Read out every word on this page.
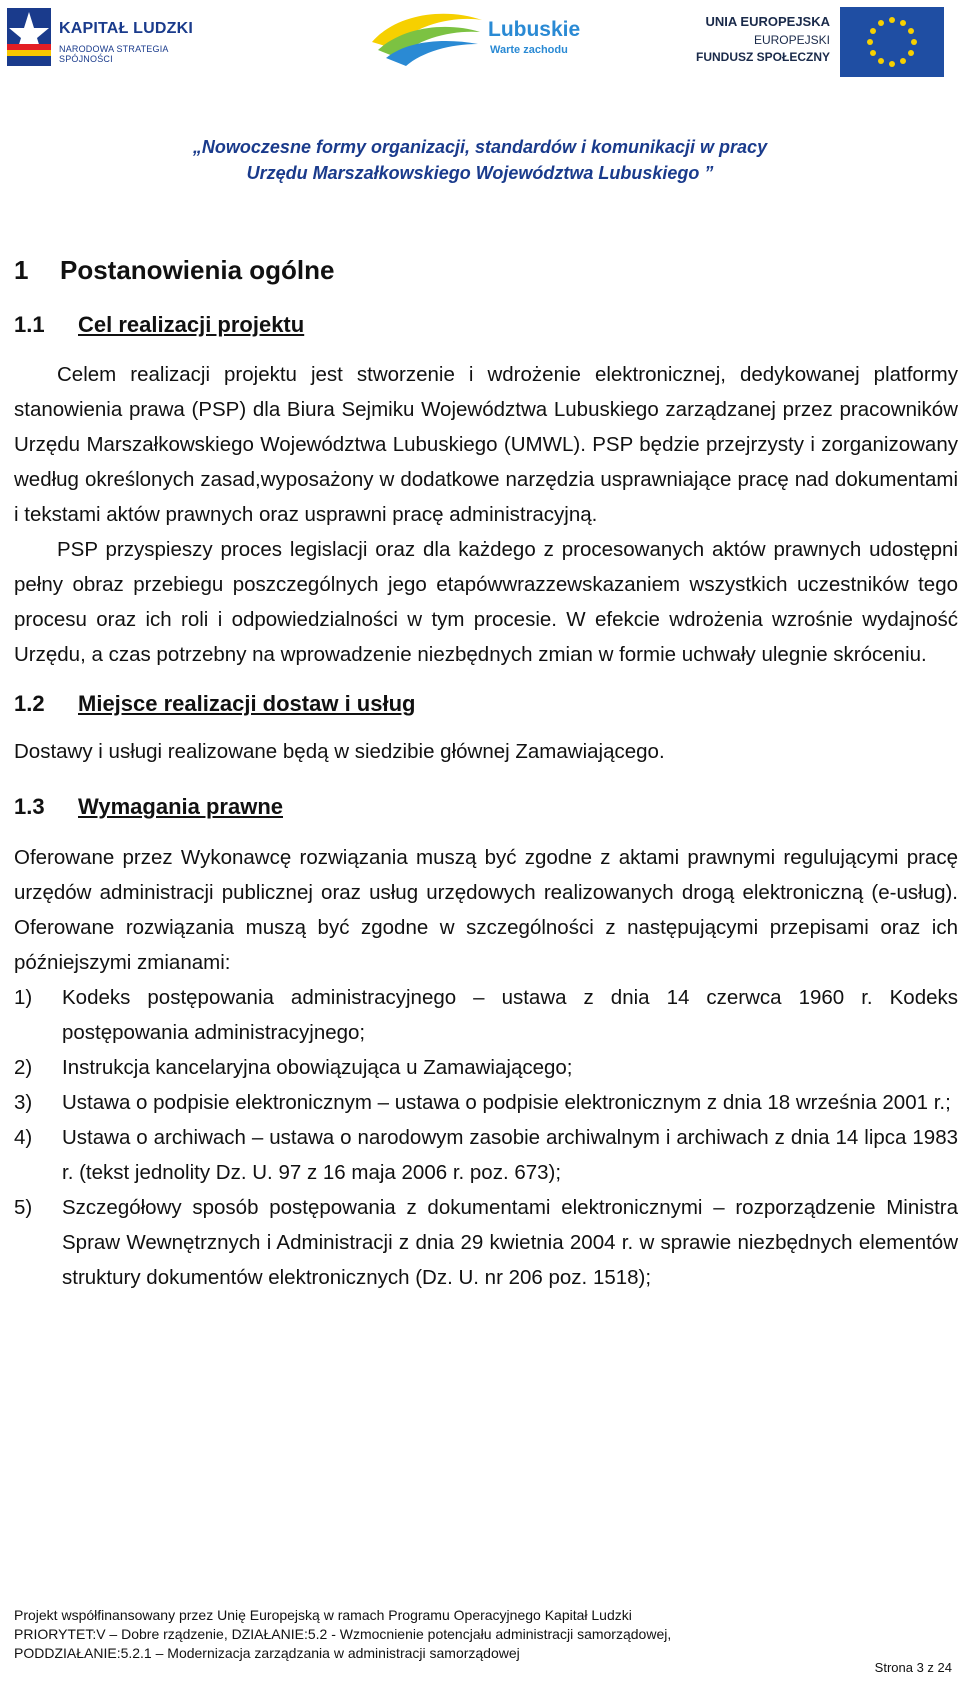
KAPITAŁ LUDZKI
NARODOWA STRATEGIA SPÓJNOŚCI
Lubuskie
Warte zachodu
UNIA EUROPEJSKA
EUROPEJSKI
FUNDUSZ SPOŁECZNY
„Nowoczesne formy organizacji, standardów i komunikacji w pracy
Urzędu Marszałkowskiego Województwa Lubuskiego ”
1	Postanowienia ogólne
1.1	Cel realizacji projektu

Celem realizacji projektu jest stworzenie i wdrożenie elektronicznej, dedykowanej platformy stanowienia prawa (PSP) dla Biura Sejmiku Województwa Lubuskiego zarządzanej przez pracowników Urzędu Marszałkowskiego Województwa Lubuskiego (UMWL). PSP będzie przejrzysty i zorganizowany według określonych zasad,wyposażony w dodatkowe narzędzia usprawniające pracę nad dokumentami i tekstami aktów prawnych oraz usprawni pracę administracyjną.

PSP przyspieszy proces legislacji oraz dla każdego z procesowanych aktów prawnych udostępni pełny obraz przebiegu poszczególnych jego etapówwrazzewskazaniem wszystkich uczestników tego procesu oraz ich roli i odpowiedzialności w tym procesie. W efekcie wdrożenia wzrośnie wydajność Urzędu, a czas potrzebny na wprowadzenie niezbędnych zmian w formie uchwały ulegnie skróceniu.

1.2	Miejsce realizacji dostaw i usług

Dostawy i usługi realizowane będą w siedzibie głównej Zamawiającego.

1.3	Wymagania prawne

Oferowane przez Wykonawcę rozwiązania muszą być zgodne z aktami prawnymi regulującymi pracę urzędów administracji publicznej oraz usług urzędowych realizowanych drogą elektroniczną (e-usług). Oferowane rozwiązania muszą być zgodne w szczególności z następującymi przepisami oraz ich późniejszymi zmianami:

1)	Kodeks postępowania administracyjnego – ustawa z dnia 14 czerwca 1960 r. Kodeks postępowania administracyjnego;
2)	Instrukcja kancelaryjna obowiązująca u Zamawiającego;
3)	Ustawa o podpisie elektronicznym – ustawa o podpisie elektronicznym z dnia 18 września 2001 r.;
4)	Ustawa o archiwach – ustawa o narodowym zasobie archiwalnym i archiwach z dnia 14 lipca 1983 r. (tekst jednolity Dz. U. 97 z 16 maja 2006 r. poz. 673);
5)	Szczegółowy sposób postępowania z dokumentami elektronicznymi – rozporządzenie Ministra Spraw Wewnętrznych i Administracji z dnia 29 kwietnia 2004 r. w sprawie niezbędnych elementów struktury dokumentów elektronicznych (Dz. U. nr 206 poz. 1518);
Projekt współfinansowany przez Unię Europejską w ramach Programu Operacyjnego Kapitał Ludzki
PRIORYTET:V – Dobre rządzenie, DZIAŁANIE:5.2 - Wzmocnienie potencjału administracji samorządowej,
PODDZIAŁANIE:5.2.1 – Modernizacja zarządzania w administracji samorządowej
Strona 3 z 24
